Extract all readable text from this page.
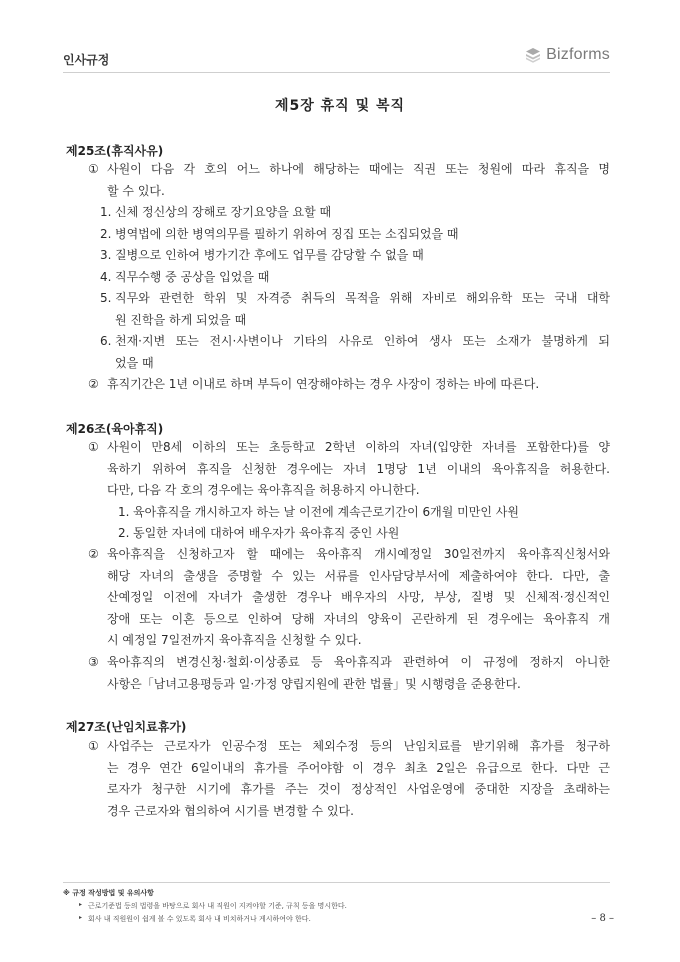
인사규정	Bizforms
제5장 휴직 및 복직
제25조(휴직사유)
① 사원이 다음 각 호의 어느 하나에 해당하는 때에는 직권 또는 청원에 따라 휴직을 명

할 수 있다.

1. 신체 정신상의 장해로 장기요양을 요할 때

2. 병역법에 의한 병역의무를 필하기 위하여 징집 또는 소집되었을 때

3. 질병으로 인하여 병가기간 후에도 업무를 감당할 수 없을 때

4. 직무수행 중 공상을 입었을 때

5. 직무와 관련한 학위 및 자격증 취득의 목적을 위해 자비로 해외유학 또는 국내 대학

원 진학을 하게 되었을 때

6. 천재·지변 또는 전시·사변이나 기타의 사유로 인하여 생사 또는 소재가 불명하게 되

었을 때

② 휴직기간은 1년 이내로 하며 부득이 연장해야하는 경우 사장이 정하는 바에 따른다.

제26조(육아휴직)
① 사원이 만8세 이하의 또는 초등학교 2학년 이하의 자녀(입양한 자녀를 포함한다)를 양

육하기 위하여 휴직을 신청한 경우에는 자녀 1명당 1년 이내의 육아휴직을 허용한다.

다만, 다음 각 호의 경우에는 육아휴직을 허용하지 아니한다.

1. 육아휴직을 개시하고자 하는 날 이전에 계속근로기간이 6개월 미만인 사원

2. 동일한 자녀에 대하여 배우자가 육아휴직 중인 사원

② 육아휴직을 신청하고자 할 때에는 육아휴직 개시예정일 30일전까지 육아휴직신청서와

해당 자녀의 출생을 증명할 수 있는 서류를 인사담당부서에 제출하여야 한다. 다만, 출

산예정일 이전에 자녀가 출생한 경우나 배우자의 사망, 부상, 질병 및 신체적·정신적인

장애 또는 이혼 등으로 인하여 당해 자녀의 양육이 곤란하게 된 경우에는 육아휴직 개

시 예정일 7일전까지 육아휴직을 신청할 수 있다.

③ 육아휴직의 변경신청·철회·이상종료 등 육아휴직과 관련하여 이 규정에 정하지 아니한

사항은「남녀고용평등과 일·가정 양립지원에 관한 법률」및 시행령을 준용한다.

제27조(난임치료휴가)
① 사업주는 근로자가 인공수정 또는 체외수정 등의 난임치료를 받기위해 휴가를 청구하

는 경우 연간 6일이내의 휴가를 주어야함 이 경우 최초 2일은 유급으로 한다. 다만 근

로자가 청구한 시기에 휴가를 주는 것이 정상적인 사업운영에 중대한 지장을 초래하는

경우 근로자와 협의하여 시기를 변경할 수 있다.

※ 규정 작성방법 및 유의사항
▸ 근로기준법 등의 법령을 바탕으로 회사 내 직원이 지켜야할 기준, 규칙 등을 명시한다.
▸ 회사 내 직원원이 쉽게 볼 수 있도록 회사 내 비치하거나 게시하여야 한다.	– 8 –
